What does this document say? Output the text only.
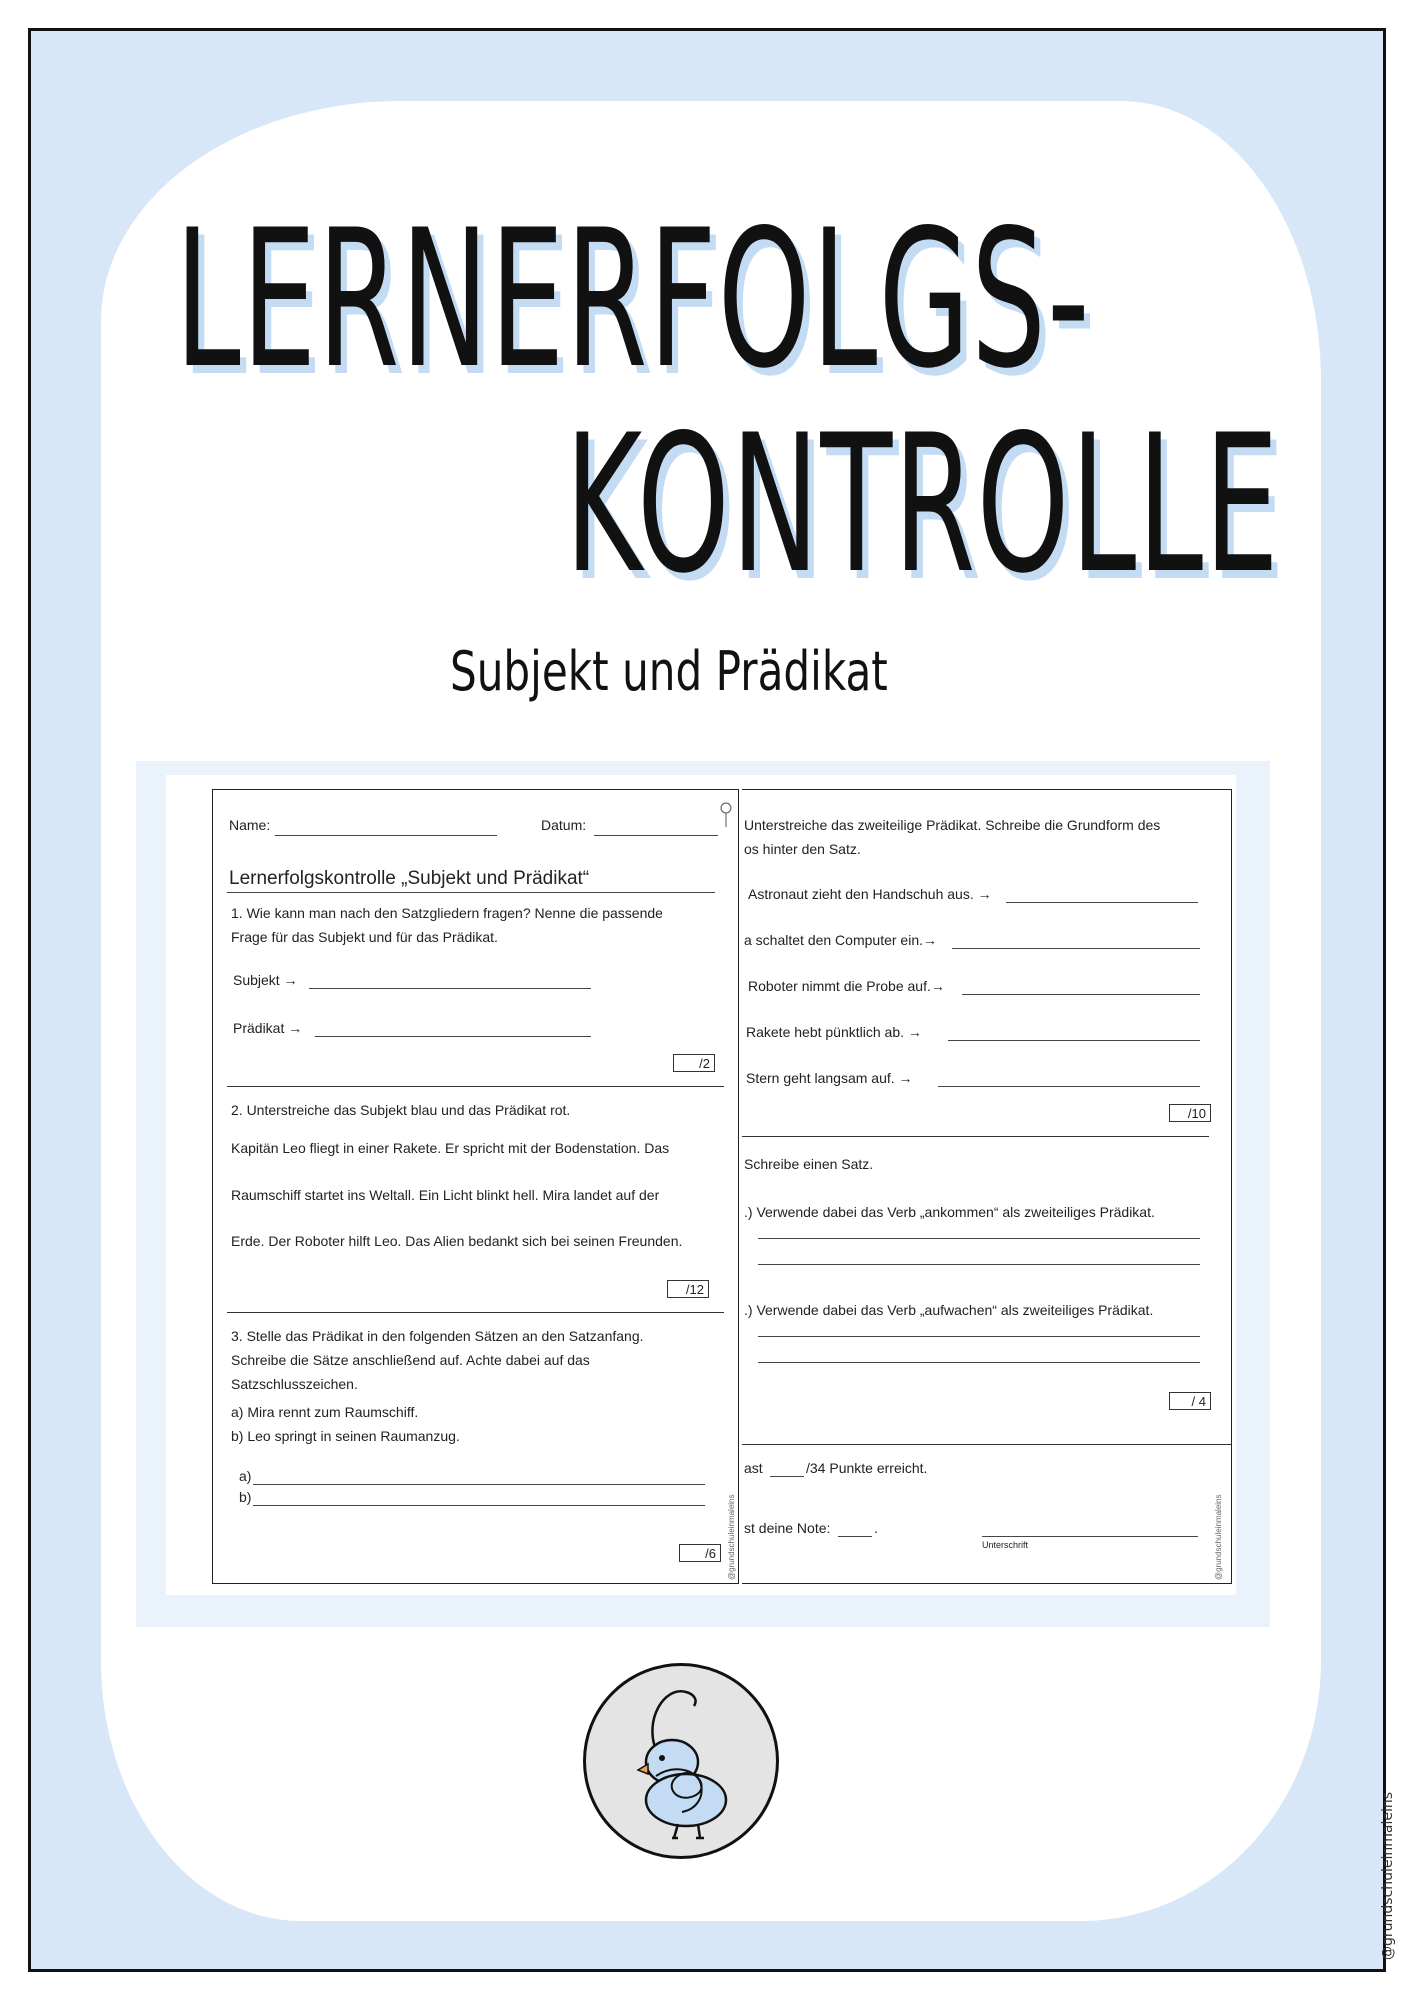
LERNERFOLGS-
KONTROLLE
Subjekt und Prädikat
Name:	Datum:
Lernerfolgskontrolle „Subjekt und Prädikat“
1. Wie kann man nach den Satzgliedern fragen? Nenne die passende
Frage für das Subjekt und für das Prädikat.
Subjekt →
Prädikat →
/2
2. Unterstreiche das Subjekt blau und das Prädikat rot.
Kapitän Leo fliegt in einer Rakete. Er spricht mit der Bodenstation. Das
Raumschiff startet ins Weltall. Ein Licht blinkt hell. Mira landet auf der
Erde. Der Roboter hilft Leo. Das Alien bedankt sich bei seinen Freunden.
/12
3. Stelle das Prädikat in den folgenden Sätzen an den Satzanfang.
Schreibe die Sätze anschließend auf. Achte dabei auf das
Satzschlusszeichen.
a) Mira rennt zum Raumschiff.
b) Leo springt in seinen Raumanzug.
a)
b)
/6	@grundschuleinmaleins
Unterstreiche das zweiteilige Prädikat. Schreibe die Grundform des
os hinter den Satz.
Astronaut zieht den Handschuh aus. →
a schaltet den Computer ein.→
Roboter nimmt die Probe auf.→
Rakete hebt pünktlich ab. →
Stern geht langsam auf. →
/10
Schreibe einen Satz.
.) Verwende dabei das Verb „ankommen“ als zweiteiliges Prädikat.
.) Verwende dabei das Verb „aufwachen“ als zweiteiliges Prädikat.
/ 4
ast	/34 Punkte erreicht.
st deine Note:	.
Unterschrift	@grundschuleinmaleins
@grundschuleinmaleins
